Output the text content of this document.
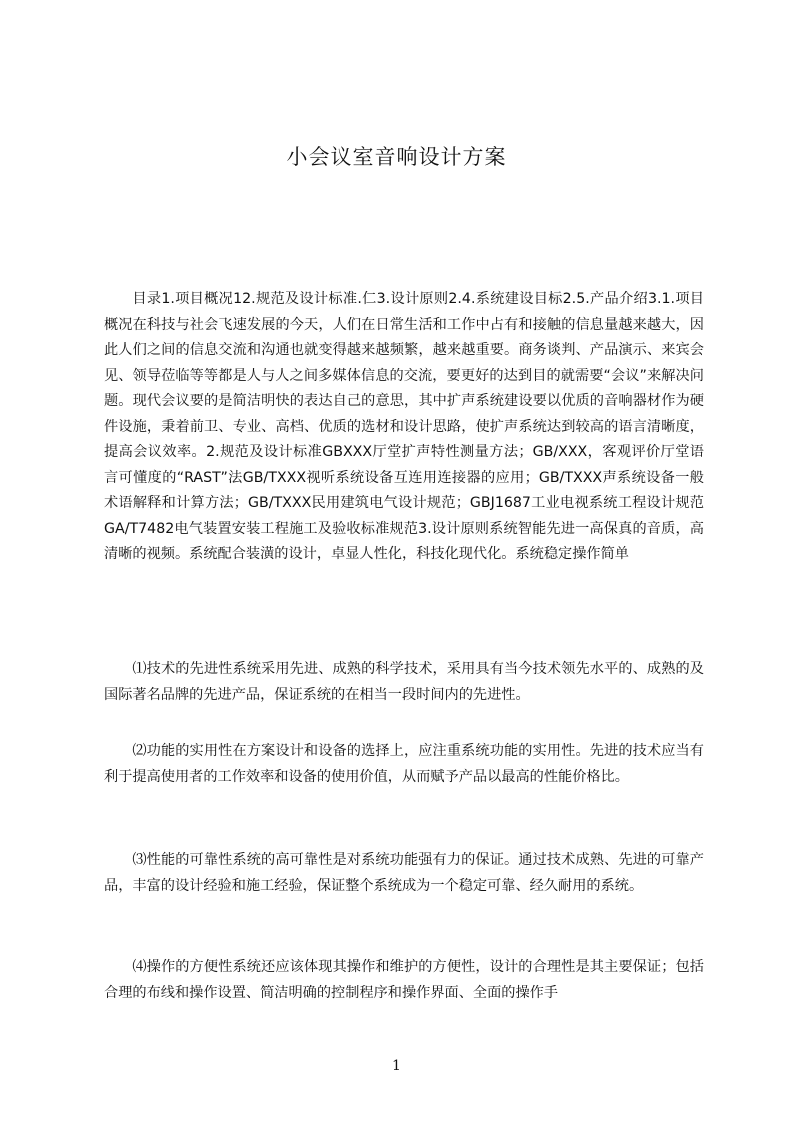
小会议室音响设计方案

目录1.项目概况12.规范及设计标准.仁3.设计原则2.4.系统建设目标2.5.产品介绍3.1.项目概况在科技与社会飞速发展的今天，人们在日常生活和工作中占有和接触的信息量越来越大，因此人们之间的信息交流和沟通也就变得越来越频繁，越来越重要。商务谈判、产品演示、来宾会见、领导莅临等等都是人与人之间多媒体信息的交流，要更好的达到目的就需要“会议”来解决问题。现代会议要的是简洁明快的表达自己的意思，其中扩声系统建设要以优质的音响器材作为硬件设施，秉着前卫、专业、高档、优质的选材和设计思路，使扩声系统达到较高的语言清晰度，提高会议效率。2.规范及设计标准GBXXX厅堂扩声特性测量方法；GB/XXX，客观评价厅堂语言可懂度的“RAST”法GB/TXXX视听系统设备互连用连接器的应用；GB/TXXX声系统设备一般术语解释和计算方法；GB/TXXX民用建筑电气设计规范；GBJ1687工业电视系统工程设计规范GA/T7482电气装置安装工程施工及验收标准规范3.设计原则系统智能先进一高保真的音质，高清晰的视频。系统配合装潢的设计，卓显人性化，科技化现代化。系统稳定操作简单

⑴技术的先进性系统采用先进、成熟的科学技术，采用具有当今技术领先水平的、成熟的及国际著名品牌的先进产品，保证系统的在相当一段时间内的先进性。

⑵功能的实用性在方案设计和设备的选择上，应注重系统功能的实用性。先进的技术应当有利于提高使用者的工作效率和设备的使用价值，从而赋予产品以最高的性能价格比。

⑶性能的可靠性系统的高可靠性是对系统功能强有力的保证。通过技术成熟、先进的可靠产品，丰富的设计经验和施工经验，保证整个系统成为一个稳定可靠、经久耐用的系统。

⑷操作的方便性系统还应该体现其操作和维护的方便性，设计的合理性是其主要保证；包括合理的布线和操作设置、简洁明确的控制程序和操作界面、全面的操作手

1
